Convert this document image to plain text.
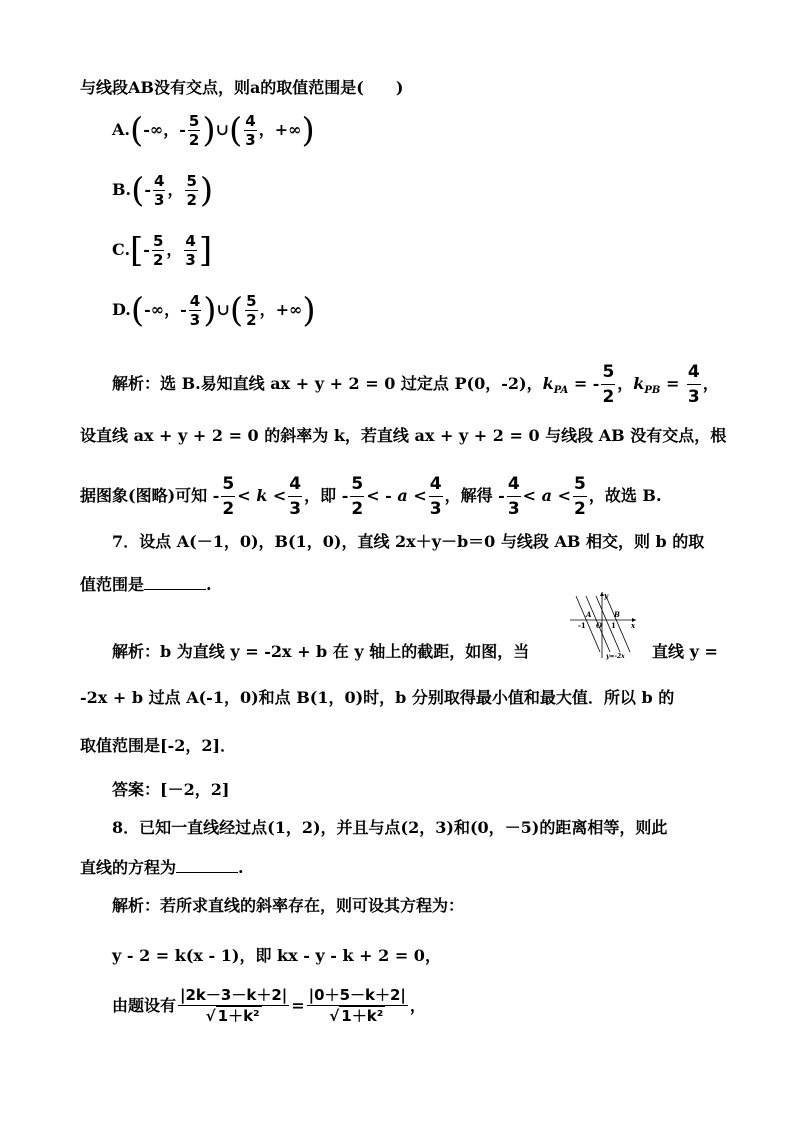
与线段AB没有交点，则a的取值范围是(　　)
A.(-∞，- $\frac{5}{2}$ )∪( $\frac{4}{3}$ ，+∞)
$B.(- \frac{4}{3}$ ， $\frac{5}{2}$ )
$C.[- \frac{5}{2}$ ， $\frac{4}{3}$ ]
D.(-∞，- $\frac{4}{3}$ )∪( $\frac{5}{2}$ ，+∞)
解析：选 B.易知直线 ax + y + 2 = 0 过定点 P(0，-2)，$k_{PA}$ = - $\frac{5}{2}$ ，$k_{PB} = \frac{4}{3}$ ，
设直线 ax + y + 2 = 0 的斜率为 k，若直线 ax + y + 2 = 0 与线段 AB 没有交点，根
据图象(图略)可知 - $\frac{5}{2} < k < \frac{4}{3}$ ，即 - $\frac{5}{2}$ < - $a < \frac{4}{3}$ ，解得 - $\frac{4}{3} < a < \frac{5}{2}$ ，故选 B.
7．设点 A(－1，0)，B(1，0)，直线 2x＋y－b＝0 与线段 AB 相交，则 b 的取
值范围是	.
解析：b 为直线 y = -2x + b 在 y 轴上的截距，如图，当
y
x
A	B
-1 O 1
y=-2x 直线 y =
-2x + b 过点 A(-1，0)和点 B(1，0)时，b 分别取得最小值和最大值．所以 b 的
取值范围是[-2，2]．
答案：[－2，2]
8．已知一直线经过点(1，2)，并且与点(2，3)和(0，－5)的距离相等，则此
直线的方程为	.
解析：若所求直线的斜率存在，则可设其方程为：
y - 2 = k(x - 1)，即 kx - y - k + 2 = 0，
由题设有 $\frac{|2k-3-k+2|}{\text{√ 1＋k²}} = \frac{|0+5-k+2|}{\text{√ 1＋k²}}$ ，
